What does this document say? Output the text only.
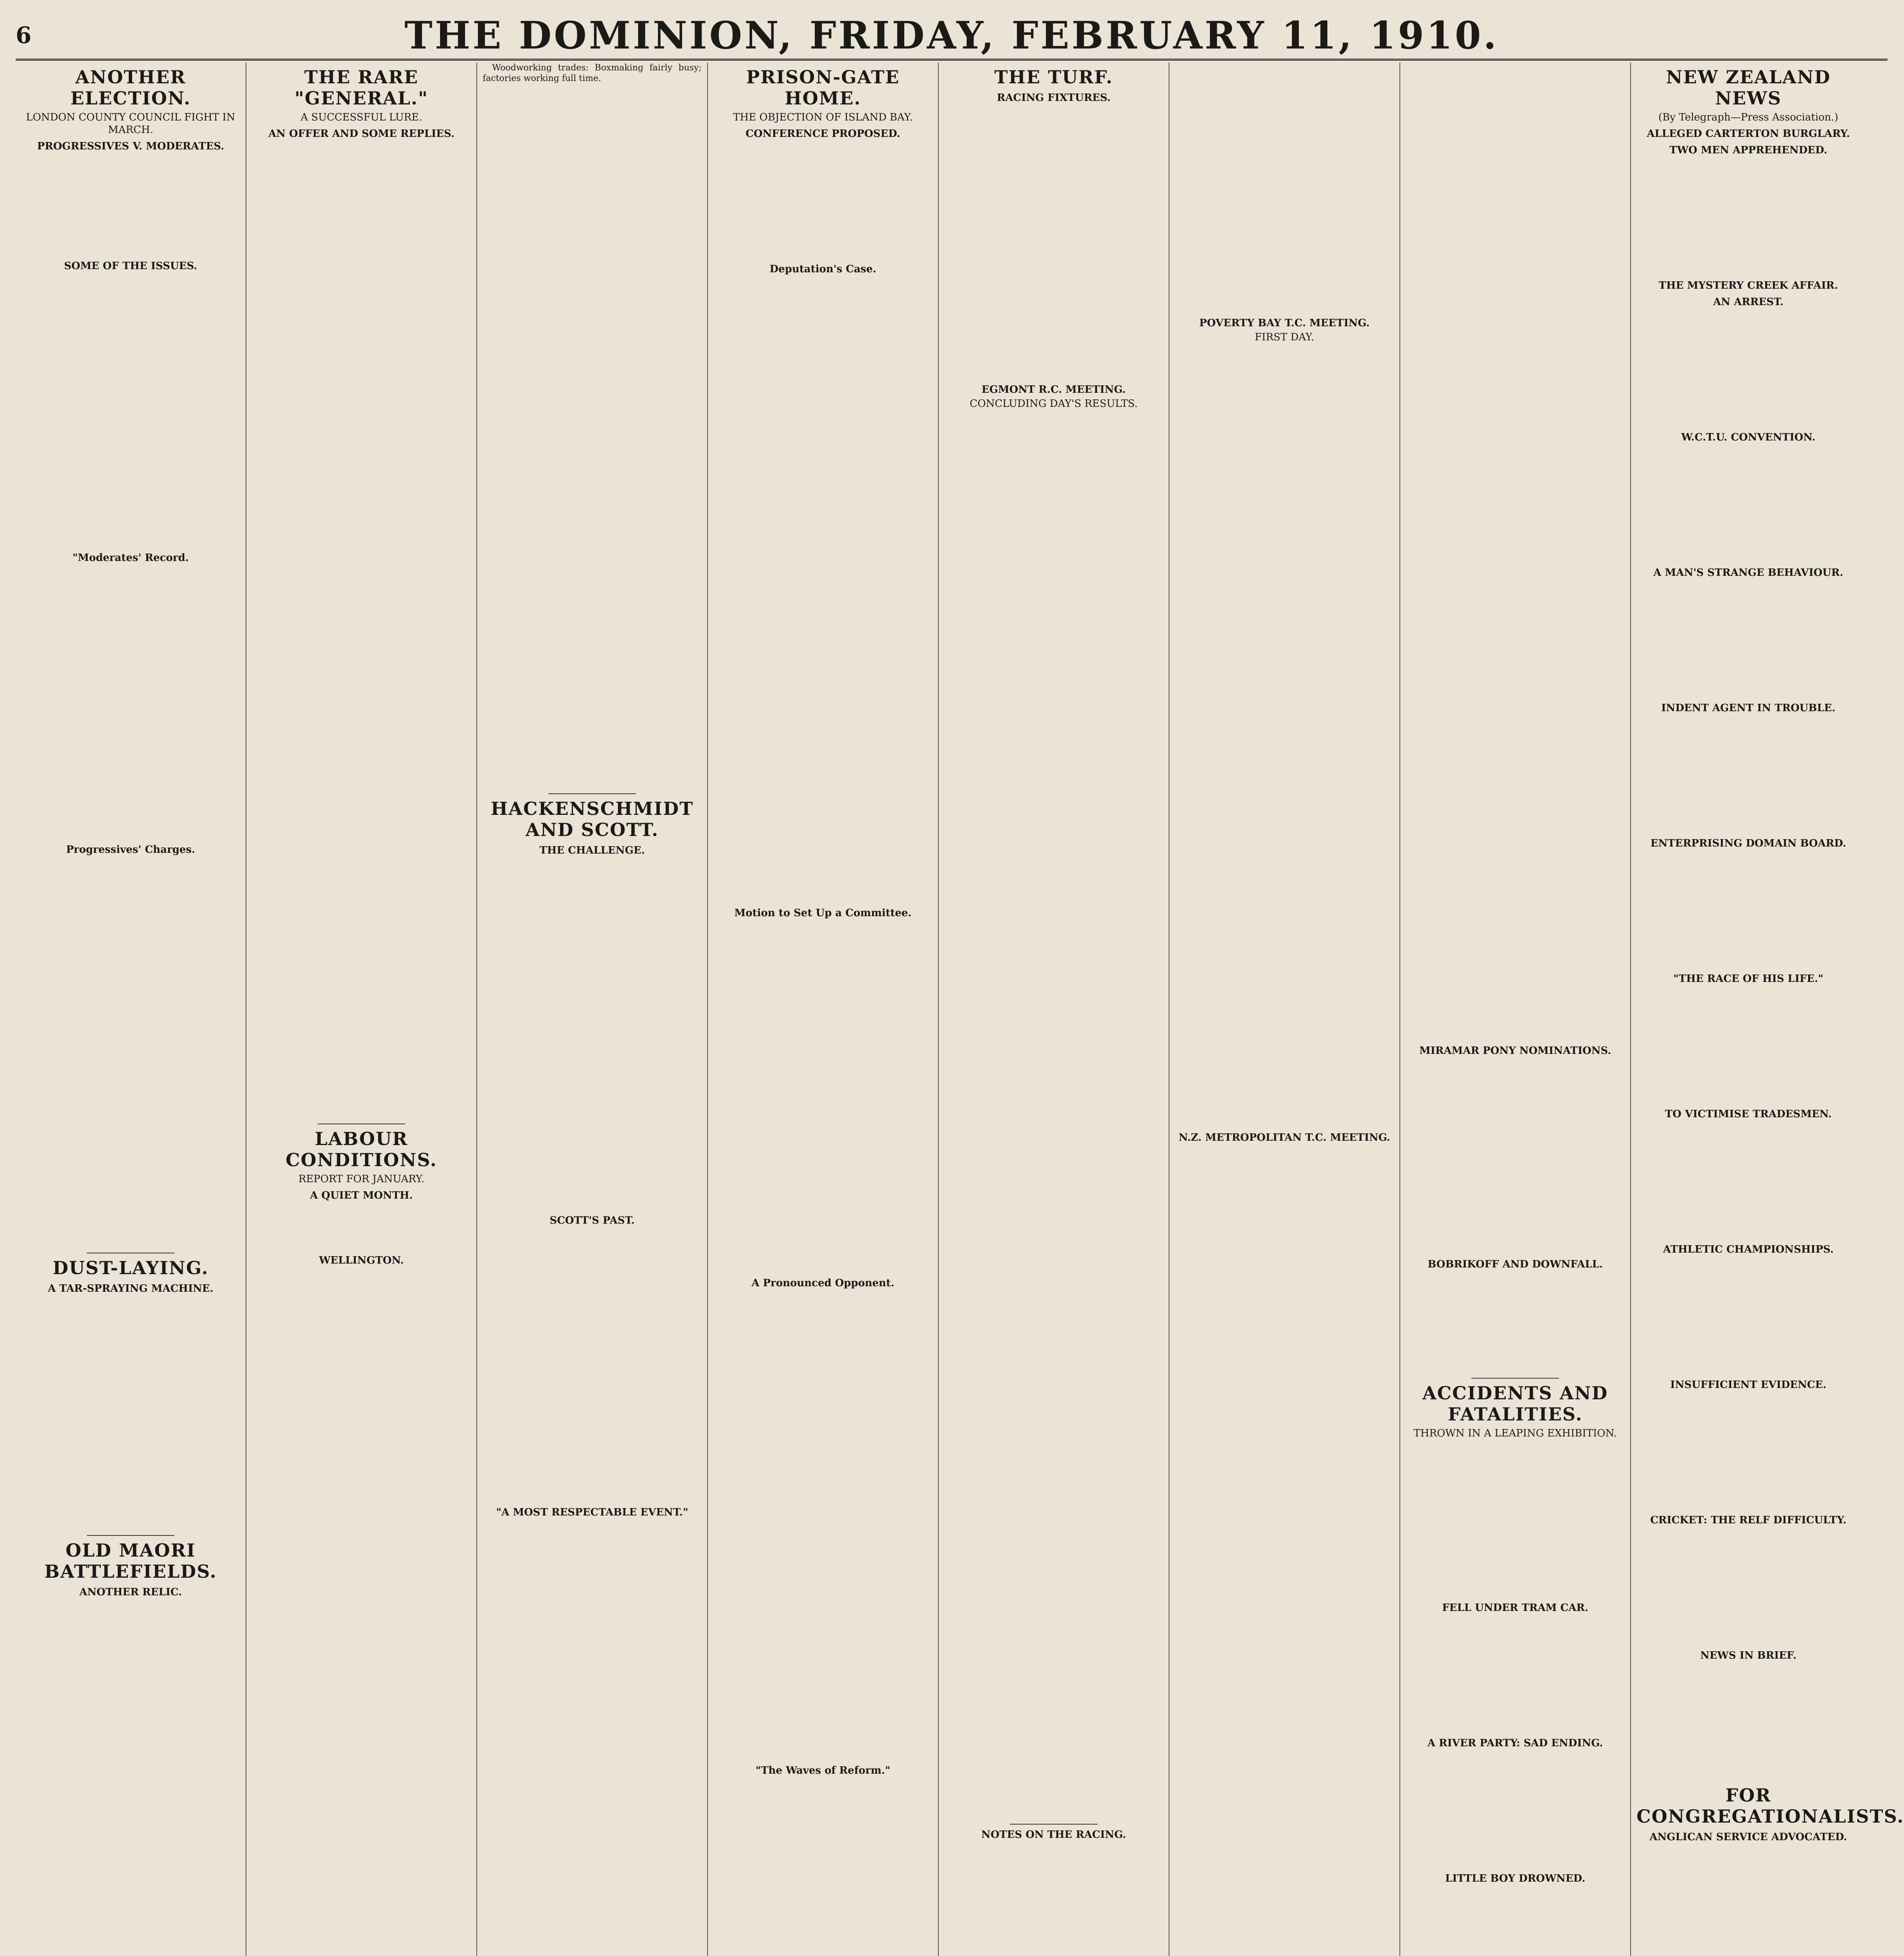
6	THE DOMINION, FRIDAY, FEBRUARY 11, 1910.
ANOTHER ELECTION.
LONDON COUNTY COUNCIL FIGHT IN MARCH.
PROGRESSIVES V. MODERATES.
SOME OF THE ISSUES.
"Moderates' Record.
Progressives' Charges.
DUST-LAYING.
A TAR-SPRAYING MACHINE.
OLD MAORI BATTLEFIELDS.
ANOTHER RELIC.
THE RARE "GENERAL."
A SUCCESSFUL LURE.
AN OFFER AND SOME REPLIES.
LABOUR CONDITIONS.
REPORT FOR JANUARY.
A QUIET MONTH.
WELLINGTON.
Woodworking trades: Boxmaking fairly busy; factories working full time.
HACKENSCHMIDT AND SCOTT.
THE CHALLENGE.
SCOTT'S PAST.
"A MOST RESPECTABLE EVENT."
PRISON-GATE HOME.
THE OBJECTION OF ISLAND BAY.
CONFERENCE PROPOSED.
Deputation's Case.
Motion to Set Up a Committee.
A Pronounced Opponent.
"The Waves of Reform."
THE TURF.
RACING FIXTURES.
EGMONT R.C. MEETING.
CONCLUDING DAY'S RESULTS.
NOTES ON THE RACING.
POVERTY BAY T.C. MEETING.
FIRST DAY.
N.Z. METROPOLITAN T.C. MEETING.
MIRAMAR PONY NOMINATIONS.
BOBRIKOFF AND DOWNFALL.
ACCIDENTS AND FATALITIES.
THROWN IN A LEAPING EXHIBITION.
FELL UNDER TRAM CAR.
A RIVER PARTY: SAD ENDING.
LITTLE BOY DROWNED.
NEW ZEALAND NEWS
(By Telegraph—Press Association.)
ALLEGED CARTERTON BURGLARY.
TWO MEN APPREHENDED.
THE MYSTERY CREEK AFFAIR.
AN ARREST.
W.C.T.U. CONVENTION.
A MAN'S STRANGE BEHAVIOUR.
INDENT AGENT IN TROUBLE.
ENTERPRISING DOMAIN BOARD.
"THE RACE OF HIS LIFE."
TO VICTIMISE TRADESMEN.
ATHLETIC CHAMPIONSHIPS.
INSUFFICIENT EVIDENCE.
CRICKET: THE RELF DIFFICULTY.
NEWS IN BRIEF.
FOR CONGREGATIONALISTS.
ANGLICAN SERVICE ADVOCATED.
